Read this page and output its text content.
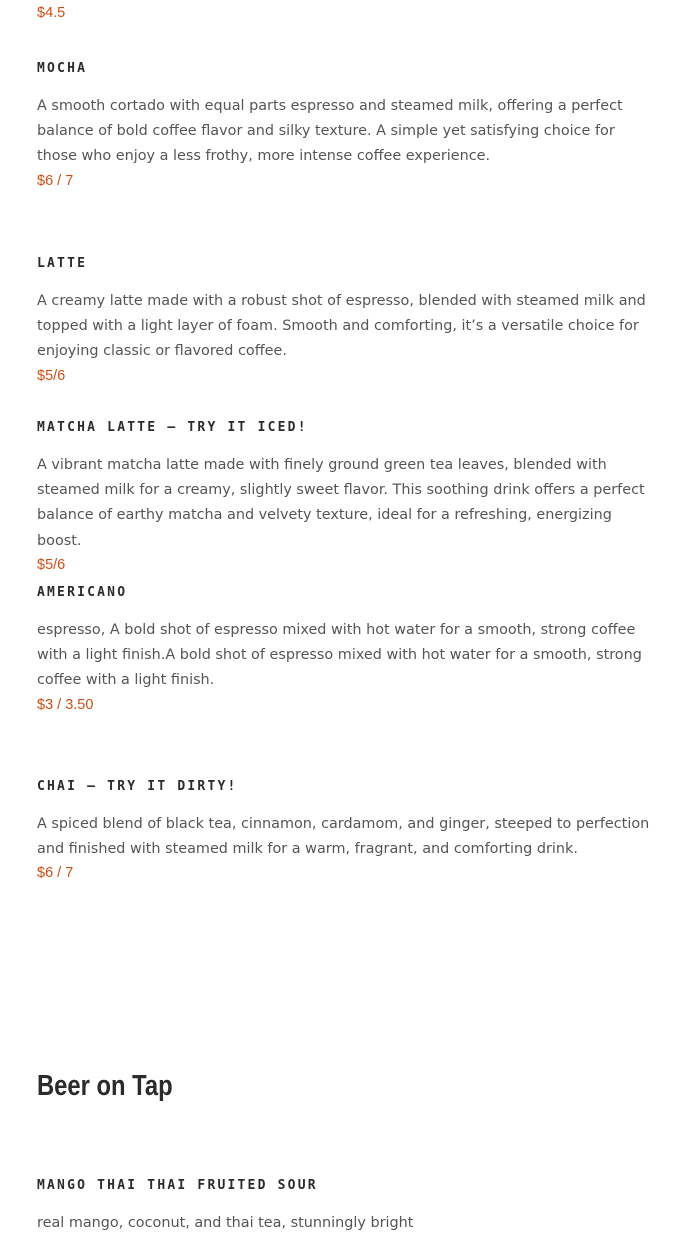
$4.5
MOCHA

A smooth cortado with equal parts espresso and steamed milk, offering a perfect balance of bold coffee flavor and silky texture. A simple yet satisfying choice for those who enjoy a less frothy, more intense coffee experience.

$6 / 7
LATTE

A creamy latte made with a robust shot of espresso, blended with steamed milk and topped with a light layer of foam. Smooth and comforting, it’s a versatile choice for enjoying classic or flavored coffee.

$5/6
MATCHA LATTE – TRY IT ICED!

A vibrant matcha latte made with finely ground green tea leaves, blended with steamed milk for a creamy, slightly sweet flavor. This soothing drink offers a perfect balance of earthy matcha and velvety texture, ideal for a refreshing, energizing boost.

$5/6
AMERICANO

espresso, A bold shot of espresso mixed with hot water for a smooth, strong coffee with a light finish.A bold shot of espresso mixed with hot water for a smooth, strong coffee with a light finish.

$3 / 3.50
CHAI – TRY IT DIRTY!

A spiced blend of black tea, cinnamon, cardamom, and ginger, steeped to perfection and finished with steamed milk for a warm, fragrant, and comforting drink.

$6 / 7
Beer on Tap
MANGO THAI THAI FRUITED SOUR

real mango, coconut, and thai tea, stunningly bright
